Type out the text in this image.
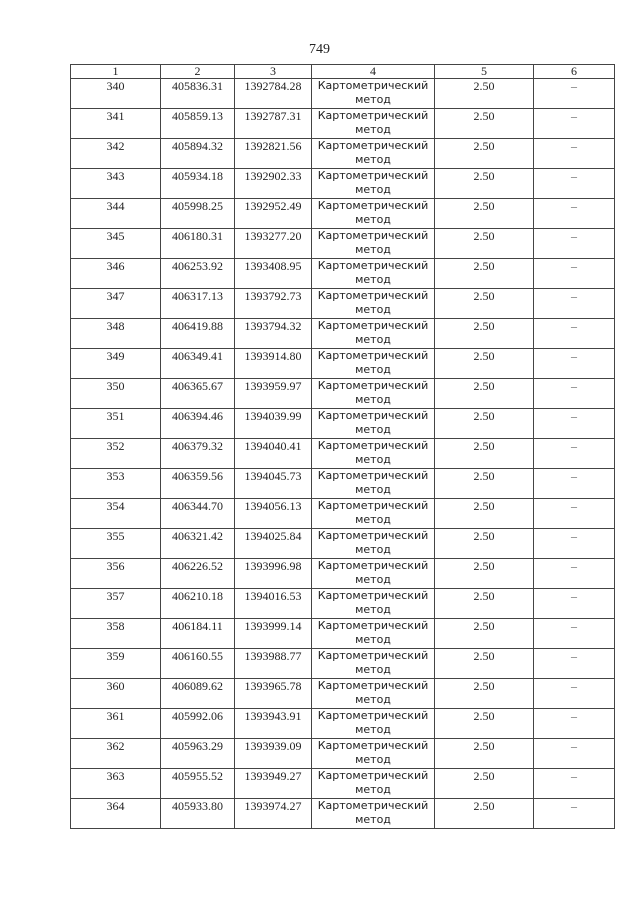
749
1	2	3	4	5	6
340	405836.31	1392784.28	Картометрический метод	2.50	–
341	405859.13	1392787.31	Картометрический метод	2.50	–
342	405894.32	1392821.56	Картометрический метод	2.50	–
343	405934.18	1392902.33	Картометрический метод	2.50	–
344	405998.25	1392952.49	Картометрический метод	2.50	–
345	406180.31	1393277.20	Картометрический метод	2.50	–
346	406253.92	1393408.95	Картометрический метод	2.50	–
347	406317.13	1393792.73	Картометрический метод	2.50	–
348	406419.88	1393794.32	Картометрический метод	2.50	–
349	406349.41	1393914.80	Картометрический метод	2.50	–
350	406365.67	1393959.97	Картометрический метод	2.50	–
351	406394.46	1394039.99	Картометрический метод	2.50	–
352	406379.32	1394040.41	Картометрический метод	2.50	–
353	406359.56	1394045.73	Картометрический метод	2.50	–
354	406344.70	1394056.13	Картометрический метод	2.50	–
355	406321.42	1394025.84	Картометрический метод	2.50	–
356	406226.52	1393996.98	Картометрический метод	2.50	–
357	406210.18	1394016.53	Картометрический метод	2.50	–
358	406184.11	1393999.14	Картометрический метод	2.50	–
359	406160.55	1393988.77	Картометрический метод	2.50	–
360	406089.62	1393965.78	Картометрический метод	2.50	–
361	405992.06	1393943.91	Картометрический метод	2.50	–
362	405963.29	1393939.09	Картометрический метод	2.50	–
363	405955.52	1393949.27	Картометрический метод	2.50	–
364	405933.80	1393974.27	Картометрический метод	2.50	–
